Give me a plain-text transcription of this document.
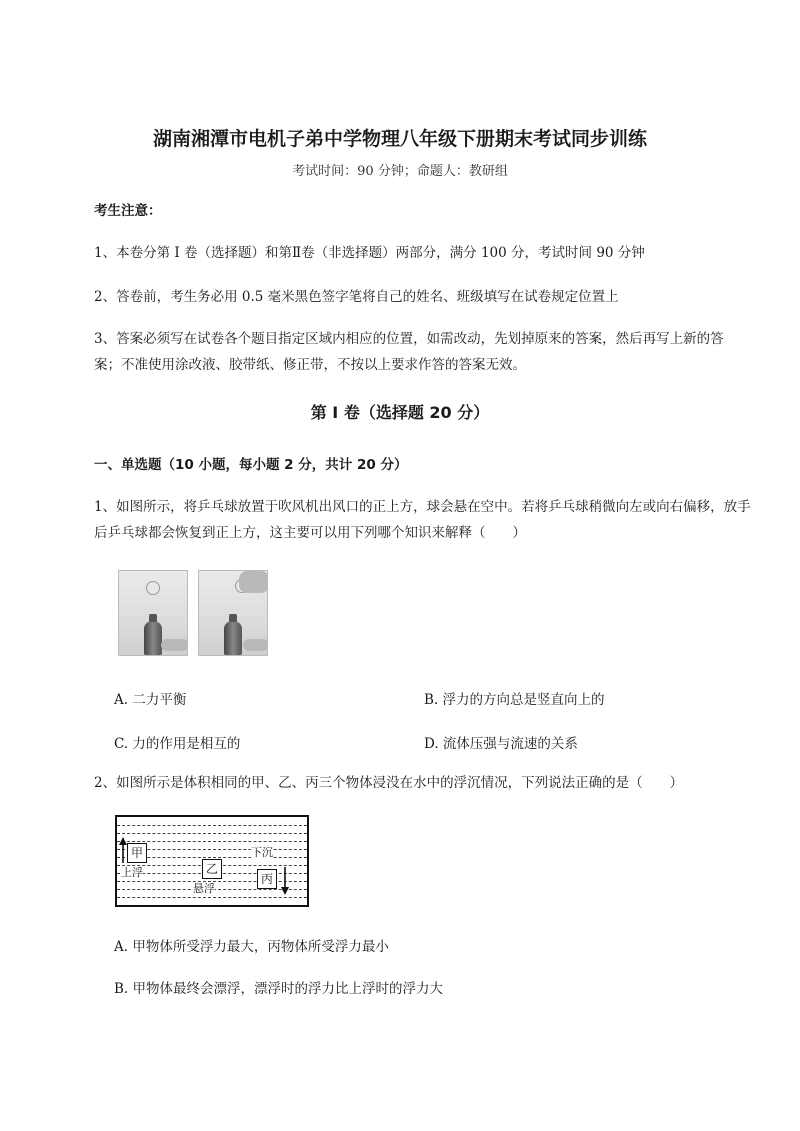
湖南湘潭市电机子弟中学物理八年级下册期末考试同步训练
考试时间：90 分钟；命题人：教研组
考生注意：
1、本卷分第 I 卷（选择题）和第Ⅱ卷（非选择题）两部分，满分 100 分，考试时间 90 分钟
2、答卷前，考生务必用 0.5 毫米黑色签字笔将自己的姓名、班级填写在试卷规定位置上
3、答案必须写在试卷各个题目指定区域内相应的位置，如需改动，先划掉原来的答案，然后再写上新的答案；不准使用涂改液、胶带纸、修正带，不按以上要求作答的答案无效。
第 I 卷（选择题 20 分）
一、单选题（10 小题，每小题 2 分，共计 20 分）
1、如图所示，将乒乓球放置于吹风机出风口的正上方，球会悬在空中。若将乒乓球稍微向左或向右偏移，放手后乒乓球都会恢复到正上方，这主要可以用下列哪个知识来解释（　　）
A. 二力平衡	B. 浮力的方向总是竖直向上的
C. 力的作用是相互的	D. 流体压强与流速的关系
2、如图所示是体积相同的甲、乙、丙三个物体浸没在水中的浮沉情况，下列说法正确的是（　　）
甲
上浮	乙
悬浮
下沉
丙
A. 甲物体所受浮力最大，丙物体所受浮力最小
B. 甲物体最终会漂浮，漂浮时的浮力比上浮时的浮力大
